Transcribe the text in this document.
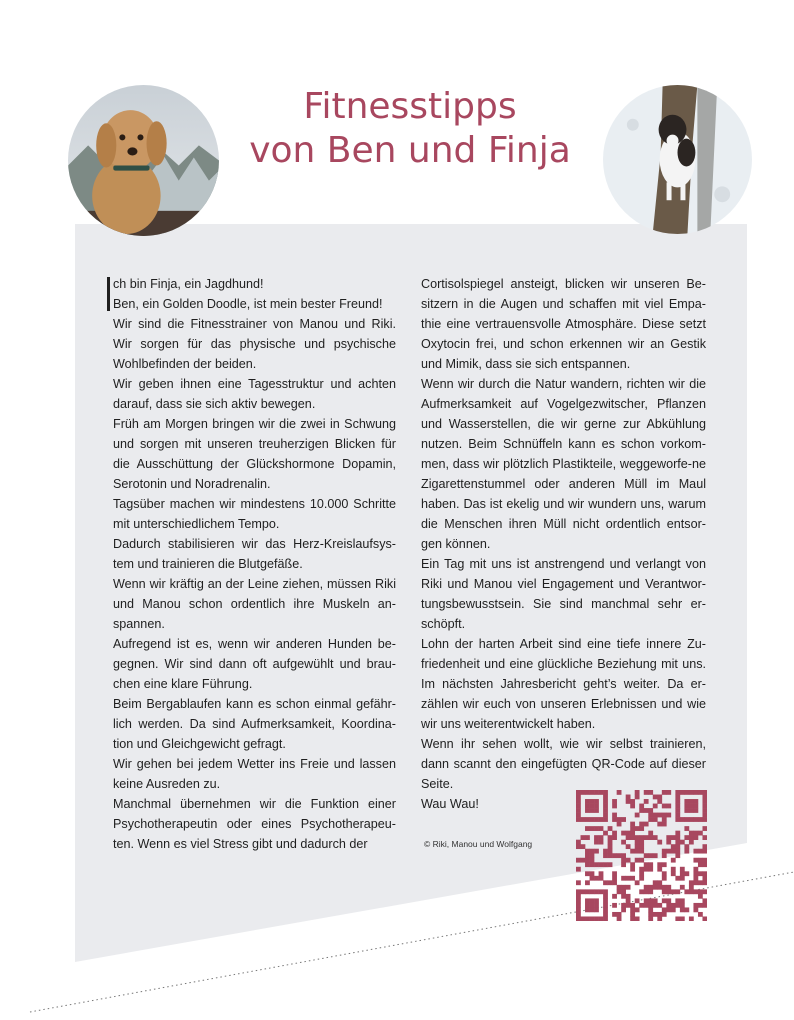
Fitnesstipps
von Ben und Finja

ch bin Finja, ein Jagdhund!

Ben, ein Golden Doodle, ist mein bester Freund!

Wir sind die Fitnesstrainer von Manou und Riki. Wir sorgen für das physische und psychische Wohlbefinden der beiden.

Wir geben ihnen eine Tagesstruktur und achten darauf, dass sie sich aktiv bewegen.

Früh am Morgen bringen wir die zwei in Schwung und sorgen mit unseren treuherzigen Blicken für die Ausschüttung der Glückshormone Dopamin, Serotonin und Noradrenalin.

Tagsüber machen wir mindestens 10.000 Schritte mit unterschiedlichem Tempo.

Dadurch stabilisieren wir das Herz-Kreislaufsys-tem und trainieren die Blutgefäße.

Wenn wir kräftig an der Leine ziehen, müssen Riki und Manou schon ordentlich ihre Muskeln an-spannen.

Aufregend ist es, wenn wir anderen Hunden be-gegnen. Wir sind dann oft aufgewühlt und brau-chen eine klare Führung.

Beim Bergablaufen kann es schon einmal gefähr-lich werden. Da sind Aufmerksamkeit, Koordina-tion und Gleichgewicht gefragt.

Wir gehen bei jedem Wetter ins Freie und lassen keine Ausreden zu.

Manchmal übernehmen wir die Funktion einer Psychotherapeutin oder eines Psychotherapeu-ten. Wenn es viel Stress gibt und dadurch der

Cortisolspiegel ansteigt, blicken wir unseren Be-sitzern in die Augen und schaffen mit viel Empa-thie eine vertrauensvolle Atmosphäre. Diese setzt Oxytocin frei, und schon erkennen wir an Gestik und Mimik, dass sie sich entspannen.

Wenn wir durch die Natur wandern, richten wir die Aufmerksamkeit auf Vogelgezwitscher, Pflanzen und Wasserstellen, die wir gerne zur Abkühlung nutzen. Beim Schnüffeln kann es schon vorkom-men, dass wir plötzlich Plastikteile, weggeworfe-ne Zigarettenstummel oder anderen Müll im Maul haben. Das ist ekelig und wir wundern uns, warum die Menschen ihren Müll nicht ordentlich entsor-gen können.

Ein Tag mit uns ist anstrengend und verlangt von Riki und Manou viel Engagement und Verantwor-tungsbewusstsein. Sie sind manchmal sehr er-schöpft.

Lohn der harten Arbeit sind eine tiefe innere Zu-friedenheit und eine glückliche Beziehung mit uns. Im nächsten Jahresbericht geht’s weiter. Da er-zählen wir euch von unseren Erlebnissen und wie wir uns weiterentwickelt haben.

Wenn ihr sehen wollt, wie wir selbst trainieren, dann scannt den eingefügten QR-Code auf dieser Seite.

Wau Wau!

© Riki, Manou und Wolfgang
